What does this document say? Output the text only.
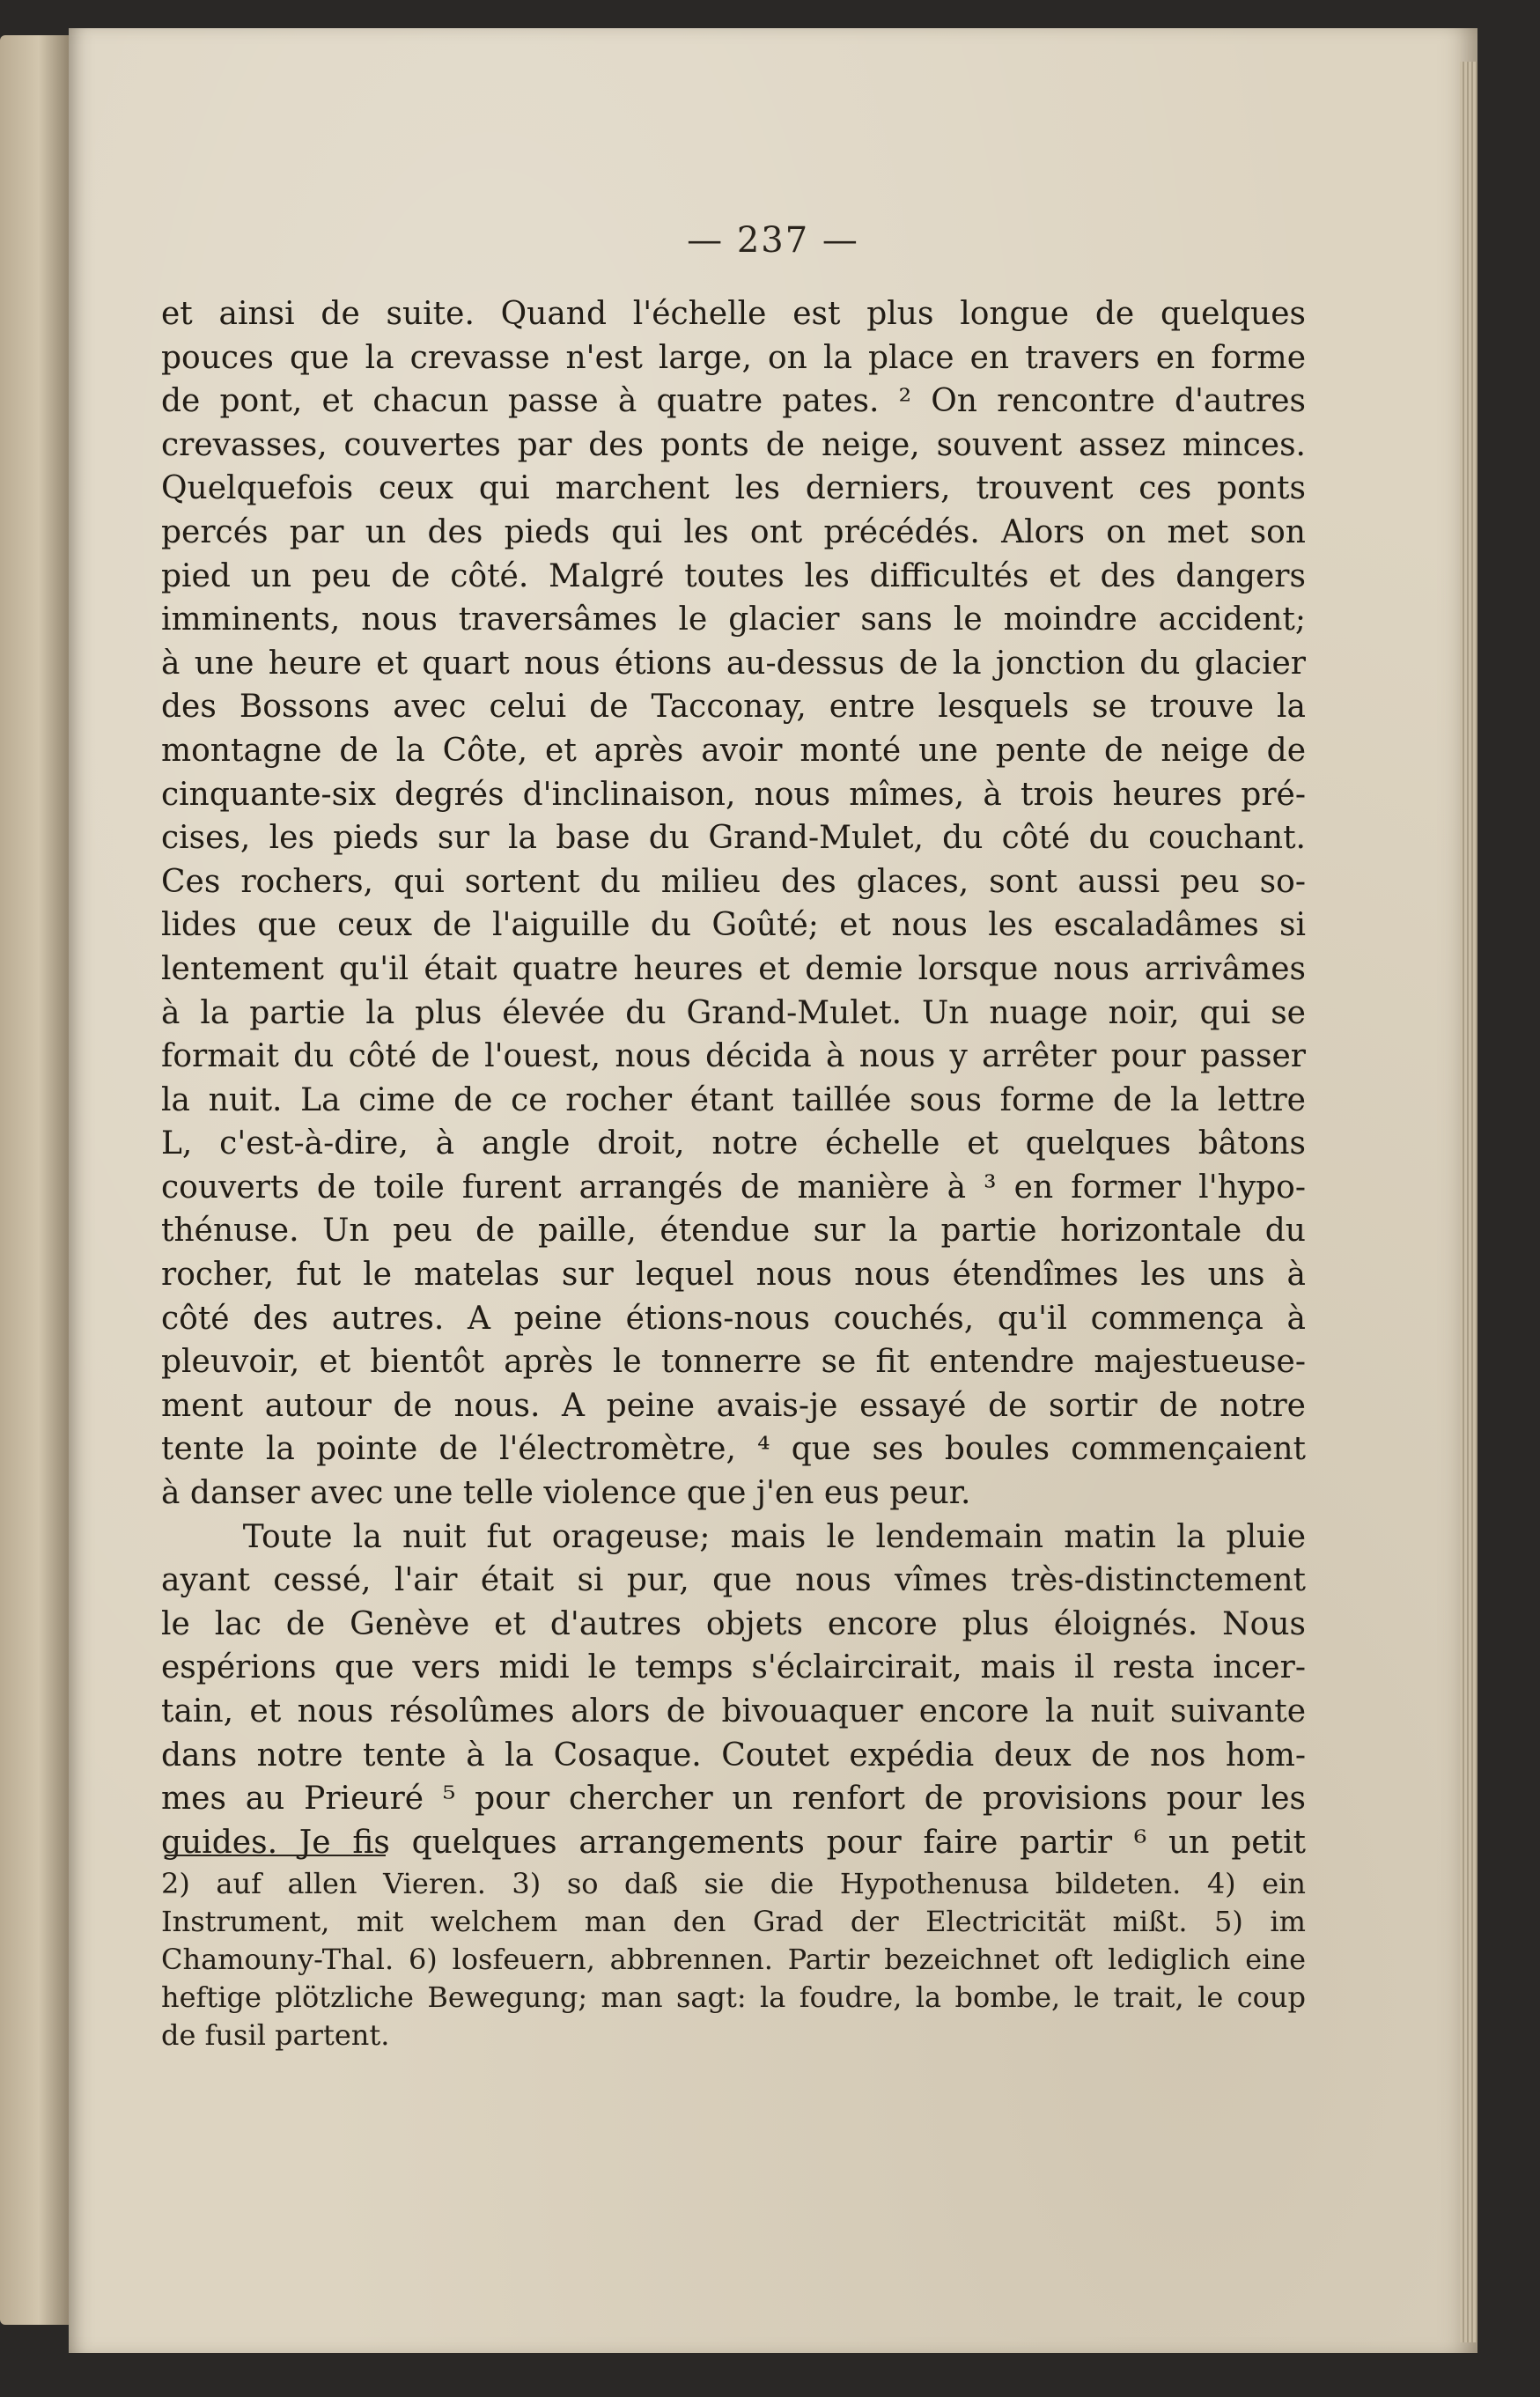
— 237 —
et ainsi de suite. Quand l'échelle est plus longue de quelques
pouces que la crevasse n'est large, on la place en travers en forme
de pont, et chacun passe à quatre pates. ² On rencontre d'autres
crevasses, couvertes par des ponts de neige, souvent assez minces.
Quelquefois ceux qui marchent les derniers, trouvent ces ponts
percés par un des pieds qui les ont précédés. Alors on met son
pied un peu de côté. Malgré toutes les difficultés et des dangers
imminents, nous traversâmes le glacier sans le moindre accident;
à une heure et quart nous étions au-dessus de la jonction du glacier
des Bossons avec celui de Tacconay, entre lesquels se trouve la
montagne de la Côte, et après avoir monté une pente de neige de
cinquante-six degrés d'inclinaison, nous mîmes, à trois heures pré-
cises, les pieds sur la base du Grand-Mulet, du côté du couchant.
Ces rochers, qui sortent du milieu des glaces, sont aussi peu so-
lides que ceux de l'aiguille du Goûté; et nous les escaladâmes si
lentement qu'il était quatre heures et demie lorsque nous arrivâmes
à la partie la plus élevée du Grand-Mulet. Un nuage noir, qui se
formait du côté de l'ouest, nous décida à nous y arrêter pour passer
la nuit. La cime de ce rocher étant taillée sous forme de la lettre
L, c'est-à-dire, à angle droit, notre échelle et quelques bâtons
couverts de toile furent arrangés de manière à ³ en former l'hypo-
thénuse. Un peu de paille, étendue sur la partie horizontale du
rocher, fut le matelas sur lequel nous nous étendîmes les uns à
côté des autres. A peine étions-nous couchés, qu'il commença à
pleuvoir, et bientôt après le tonnerre se fit entendre majestueuse-
ment autour de nous. A peine avais-je essayé de sortir de notre
tente la pointe de l'électromètre, ⁴ que ses boules commençaient
à danser avec une telle violence que j'en eus peur.
Toute la nuit fut orageuse; mais le lendemain matin la pluie
ayant cessé, l'air était si pur, que nous vîmes très-distinctement
le lac de Genève et d'autres objets encore plus éloignés. Nous
espérions que vers midi le temps s'éclaircirait, mais il resta incer-
tain, et nous résolûmes alors de bivouaquer encore la nuit suivante
dans notre tente à la Cosaque. Coutet expédia deux de nos hom-
mes au Prieuré ⁵ pour chercher un renfort de provisions pour les
guides. Je fis quelques arrangements pour faire partir ⁶ un petit
2) auf allen Vieren. 3) so daß sie die Hypothenusa bildeten. 4) ein
Instrument, mit welchem man den Grad der Electricität mißt. 5) im
Chamouny-Thal. 6) losfeuern, abbrennen. Partir bezeichnet oft lediglich eine
heftige plötzliche Bewegung; man sagt: la foudre, la bombe, le trait, le coup
de fusil partent.
